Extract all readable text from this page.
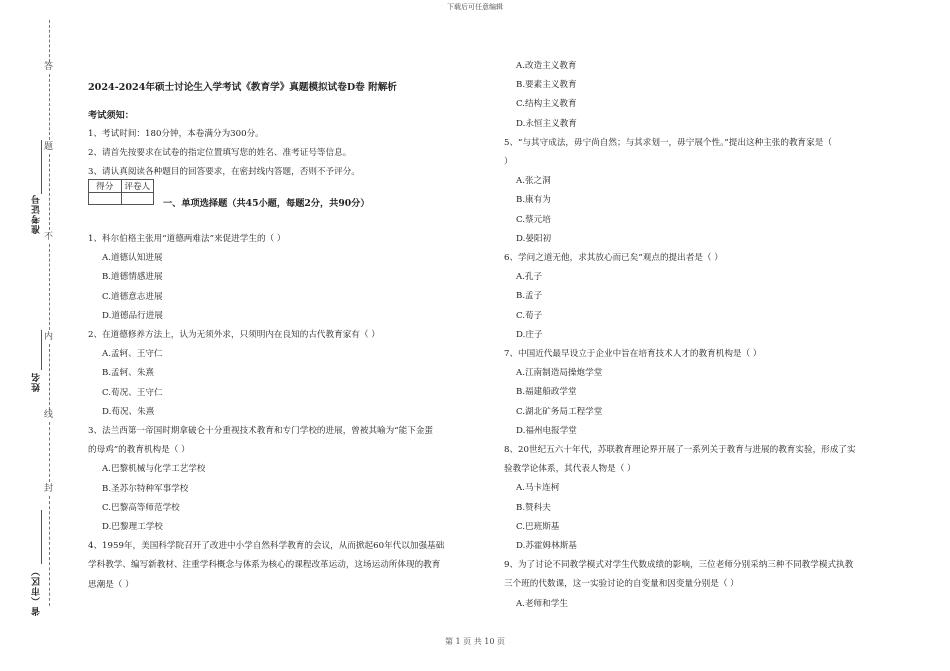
下载后可任意编辑
答
题
不
内
线
封
准考证号
姓名
省（市区）
2024-2024年硕士讨论生入学考试《教育学》真题模拟试卷D卷 附解析
考试须知：
1、考试时间：180分钟，本卷满分为300分。
2、请首先按要求在试卷的指定位置填写您的姓名、准考证号等信息。
3、请认真阅读各种题目的回答要求，在密封线内答题，否则不予评分。
得分	评卷人

一、单项选择题（共45小题，每题2分，共90分）
1、科尔伯格主张用“道德两难法”来促进学生的（ ）
A.道德认知进展
B.道德情感进展
C.道德意志进展
D.道德品行进展
2、在道德修养方法上，认为无须外求，只须明内在良知的古代教育家有（ ）
A.孟轲、王守仁
B.孟轲、朱熹
C.荀况、王守仁
D.荀况、朱熹
3、法兰西第一帝国时期拿破仑十分重视技术教育和专门学校的进展，曾被其喻为“能下金蛋
的母鸡”的教育机构是（ ）
A.巴黎机械与化学工艺学校
B.圣苏尔特种军事学校
C.巴黎高等师范学校
D.巴黎理工学校
4、1959年，美国科学院召开了改进中小学自然科学教育的会议，从而掀起60年代以加强基础
学科教学、编写新教材、注重学科概念与体系为核心的课程改革运动，这场运动所体现的教育
思潮是（ ）
A.改造主义教育
B.要素主义教育
C.结构主义教育
D.永恒主义教育
5、“与其守成法，毋宁尚自然；与其求划一，毋宁展个性。”提出这种主张的教育家是（
）
A.张之洞
B.康有为
C.蔡元培
D.晏阳初
6、学问之道无他，求其放心而已矣”观点的提出者是（ ）
A.孔子
B.孟子
C.荀子
D.庄子
7、中国近代最早设立于企业中旨在培育技术人才的教育机构是（ ）
A.江南制造局操炮学堂
B.福建船政学堂
C.湖北矿务局工程学堂
D.福州电报学堂
8、20世纪五六十年代，苏联教育理论界开展了一系列关于教育与进展的教育实验，形成了实
验教学论体系，其代表人物是（ ）
A.马卡连柯
B.赞科夫
C.巴班斯基
D.苏霍姆林斯基
9、为了讨论不同教学模式对学生代数成绩的影响，三位老师分别采纳三种不同教学模式执教
三个班的代数课，这一实验讨论的自变量和因变量分别是（ ）
A.老师和学生
第 1 页 共 10 页
